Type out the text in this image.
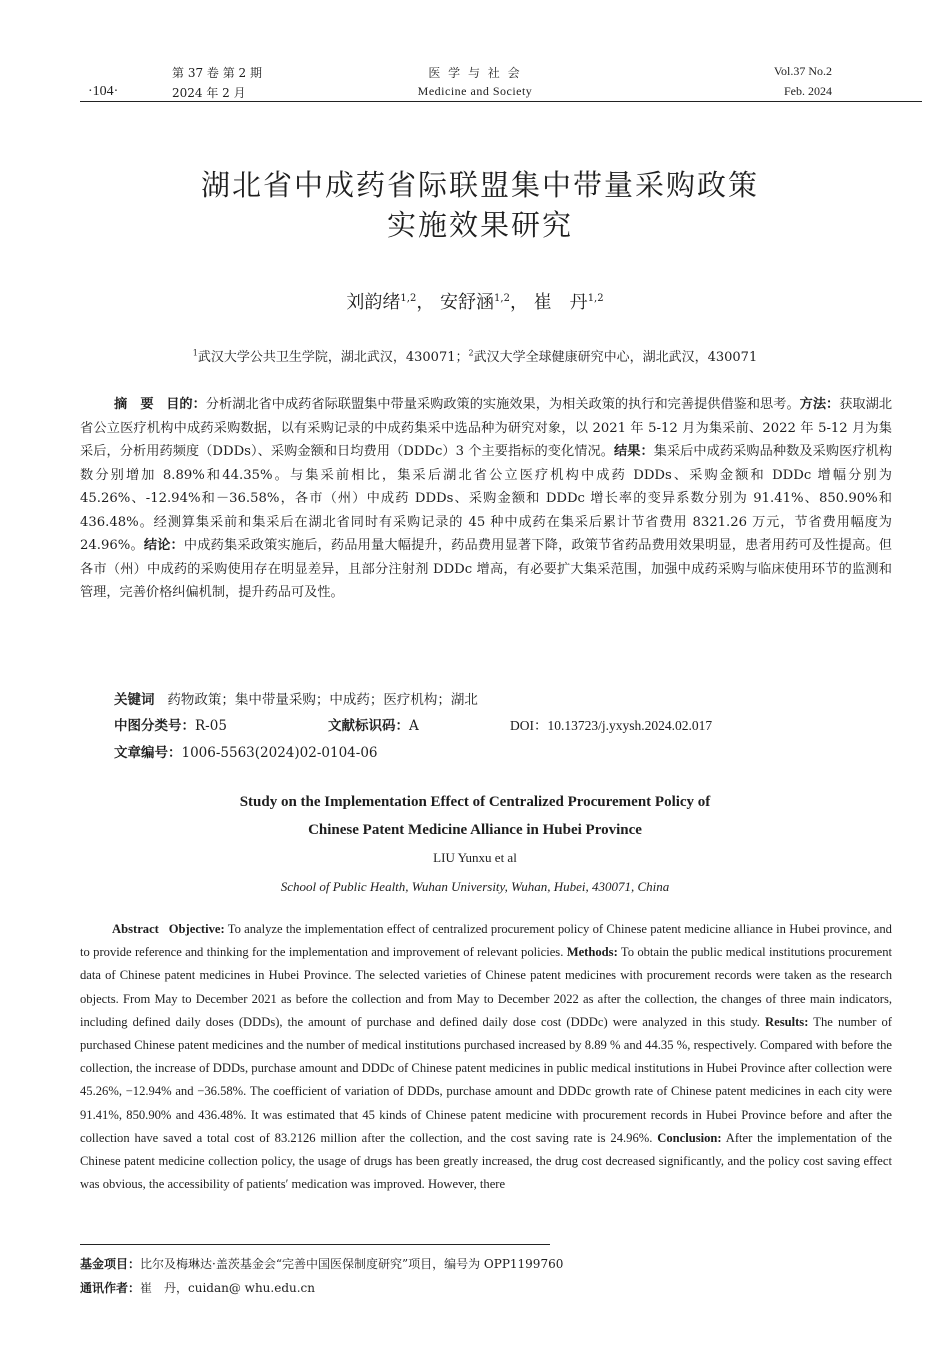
·104·
第 37 卷 第 2 期
2024 年 2 月
医 学 与 社 会
Medicine and Society
Vol.37 No.2
Feb. 2024
湖北省中成药省际联盟集中带量采购政策
实施效果研究
刘韵绪$^{1,2}$， 安舒涵$^{1,2}$， 崔　丹$^{1,2}$
$^1$武汉大学公共卫生学院，湖北武汉，430071；$^2$武汉大学全球健康研究中心，湖北武汉，430071
摘　要 目的：分析湖北省中成药省际联盟集中带量采购政策的实施效果，为相关政策的执行和完善提供借鉴和思考。方法：获取湖北省公立医疗机构中成药采购数据，以有采购记录的中成药集采中选品种为研究对象，以 2021 年 5-12 月为集采前、2022 年 5-12 月为集采后，分析用药频度（DDDs）、采购金额和日均费用（DDDc）3 个主要指标的变化情况。结果：集采后中成药采购品种数及采购医疗机构数分别增加 8.89%和44.35%。与集采前相比，集采后湖北省公立医疗机构中成药 DDDs、采购金额和 DDDc 增幅分别为 45.26%、-12.94%和－36.58%，各市（州）中成药 DDDs、采购金额和 DDDc 增长率的变异系数分别为 91.41%、850.90%和 436.48%。经测算集采前和集采后在湖北省同时有采购记录的 45 种中成药在集采后累计节省费用 8321.26 万元，节省费用幅度为 24.96%。结论：中成药集采政策实施后，药品用量大幅提升，药品费用显著下降，政策节省药品费用效果明显，患者用药可及性提高。但各市（州）中成药的采购使用存在明显差异，且部分注射剂 DDDc 增高，有必要扩大集采范围，加强中成药采购与临床使用环节的监测和管理，完善价格纠偏机制，提升药品可及性。
关键词 药物政策；集中带量采购；中成药；医疗机构；湖北
中图分类号：R-05	文献标识码：A	DOI：10.13723/j.yxysh.2024.02.017
文章编号：1006-5563(2024)02-0104-06
Study on the Implementation Effect of Centralized Procurement Policy of
Chinese Patent Medicine Alliance in Hubei Province
LIU Yunxu et al
School of Public Health, Wuhan University, Wuhan, Hubei, 430071, China
Abstract Objective: To analyze the implementation effect of centralized procurement policy of Chinese patent medicine alliance in Hubei province, and to provide reference and thinking for the implementation and improvement of relevant policies. Methods: To obtain the public medical institutions procurement data of Chinese patent medicines in Hubei Province. The selected varieties of Chinese patent medicines with procurement records were taken as the research objects. From May to December 2021 as before the collection and from May to December 2022 as after the collection, the changes of three main indicators, including defined daily doses (DDDs), the amount of purchase and defined daily dose cost (DDDc) were analyzed in this study. Results: The number of purchased Chinese patent medicines and the number of medical institutions purchased increased by 8.89 % and 44.35 %, respectively. Compared with before the collection, the increase of DDDs, purchase amount and DDDc of Chinese patent medicines in public medical institutions in Hubei Province after collection were 45.26%, −12.94% and −36.58%. The coefficient of variation of DDDs, purchase amount and DDDc growth rate of Chinese patent medicines in each city were 91.41%, 850.90% and 436.48%. It was estimated that 45 kinds of Chinese patent medicine with procurement records in Hubei Province before and after the collection have saved a total cost of 83.2126 million after the collection, and the cost saving rate is 24.96%. Conclusion: After the implementation of the Chinese patent medicine collection policy, the usage of drugs has been greatly increased, the drug cost decreased significantly, and the policy cost saving effect was obvious, the accessibility of patients′ medication was improved. However, there
基金项目：比尔及梅琳达·盖茨基金会“完善中国医保制度研究”项目，编号为 OPP1199760
通讯作者：崔　丹，cuidan@ whu.edu.cn
